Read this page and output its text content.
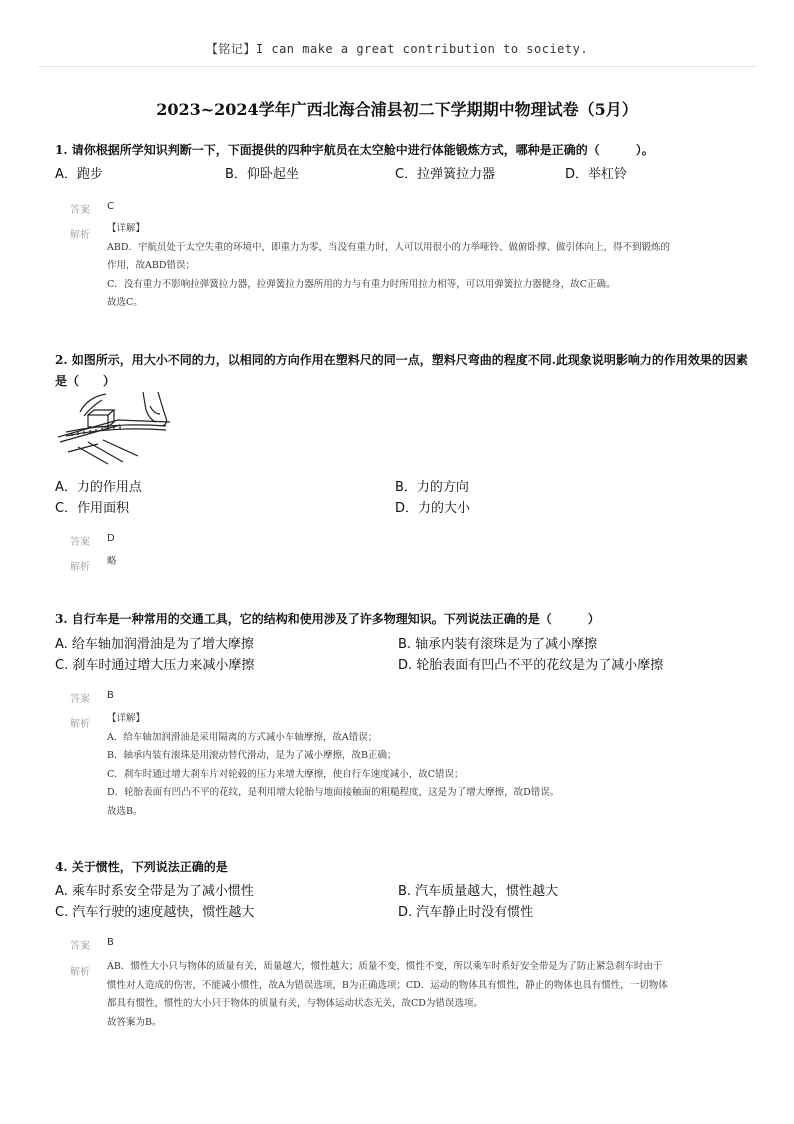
【铭记】I can make a great contribution to society.
2023~2024学年广西北海合浦县初二下学期期中物理试卷（5月）
1. 请你根据所学知识判断一下，下面提供的四种宇航员在太空舱中进行体能锻炼方式，哪种是正确的（　　　）。
A．跑步	B．仰卧起坐	C．拉弹簧拉力器	D．举杠铃
答案 C
解析
【详解】
ABD．宇航员处于太空失重的环境中，即重力为零，当没有重力时，人可以用很小的力举哑铃、做俯卧撑、做引体向上，得不到锻炼的
作用，故ABD错误；
C．没有重力不影响拉弹簧拉力器，拉弹簧拉力器所用的力与有重力时所用拉力相等，可以用弹簧拉力器健身，故C正确。
故选C。
2. 如图所示，用大小不同的力，以相同的方向作用在塑料尺的同一点，塑料尺弯曲的程度不同.此现象说明影响力的作用效果的因素是（　　）
A．力的作用点	B．力的方向
C．作用面积	D．力的大小
答案 D
解析
略
3. 自行车是一种常用的交通工具，它的结构和使用涉及了许多物理知识。下列说法正确的是（　　　）
A. 给车轴加润滑油是为了增大摩擦	B. 轴承内装有滚珠是为了减小摩擦
C. 刹车时通过增大压力来减小摩擦	D. 轮胎表面有凹凸不平的花纹是为了减小摩擦
答案 B
解析
【详解】
A．给车轴加润滑油是采用隔离的方式减小车轴摩擦，故A错误；
B．轴承内装有滚珠是用滚动替代滑动，是为了减小摩擦，故B正确；
C．刹车时通过增大刹车片对轮毂的压力来增大摩擦，使自行车速度减小，故C错误；
D．轮胎表面有凹凸不平的花纹，是利用增大轮胎与地面接触面的粗糙程度，这是为了增大摩擦，故D错误。
故选B。
4. 关于惯性，下列说法正确的是
A. 乘车时系安全带是为了减小惯性	B. 汽车质量越大，惯性越大
C. 汽车行驶的速度越快，惯性越大	D. 汽车静止时没有惯性
答案 B
解析
AB．惯性大小只与物体的质量有关，质量越大，惯性越大；质量不变，惯性不变，所以乘车时系好安全带是为了防止紧急刹车时由于
惯性对人造成的伤害，不能减小惯性，故A为错误选项，B为正确选项；CD．运动的物体具有惯性，静止的物体也具有惯性，一切物体
都具有惯性，惯性的大小只于物体的质量有关，与物体运动状态无关，故CD为错误选项。
故答案为B。
